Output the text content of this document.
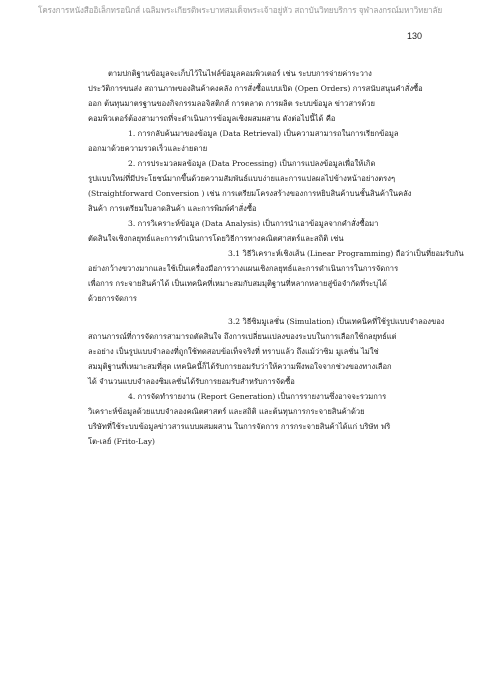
โครงการหนังสืออิเล็กทรอนิกส์ เฉลิมพระเกียรติพระบาทสมเด็จพระเจ้าอยู่หัว สถาบันวิทยบริการ จุฬาลงกรณ์มหาวิทยาลัย
130
ตามปกติฐานข้อมูลจะเก็บไว้ในไฟล์ข้อมูลคอมพิวเตอร์ เช่น ระบบการจ่ายค่าระวาง
ประวัติการขนส่ง สถานภาพของสินค้าคงคลัง การสั่งซื้อแบบเปิด (Open Orders) การสนับสนุนคำสั่งซื้อ
ออก ต้นทุนมาตรฐานของกิจกรรมลอจิสติกส์ การตลาด การผลิต ระบบข้อมูล ข่าวสารด้วย
คอมพิวเตอร์ต้องสามารถที่จะดำเนินการข้อมูลเชิงผสมผสาน ดังต่อไปนี้ได้ คือ
1. การกลับค้นมาของข้อมูล (Data Retrieval) เป็นความสามารถในการเรียกข้อมูล
ออกมาด้วยความรวดเร็วและง่ายดาย
2. การประมวลผลข้อมูล (Data Processing) เป็นการแปลงข้อมูลเพื่อให้เกิด
รูปแบบใหม่ที่มีประโยชน์มากขึ้นด้วยความสัมพันธ์แบบง่ายและการแปลผลไปข้างหน้าอย่างตรงๆ
(Straightforward Conversion ) เช่น การเตรียมโครงสร้างของการหยิบสินค้าบนชั้นสินค้าในคลัง
สินค้า การเตรียมใบลาดสินค้า และการพิมพ์คำสั่งซื้อ
3. การวิเคราะห์ข้อมูล (Data Analysis) เป็นการนำเอาข้อมูลจากคำสั่งซื้อมา
ตัดสินใจเชิงกลยุทธ์และการดำเนินการโดยวิธีการทางคณิตศาสตร์และสถิติ เช่น
3.1 วิธีวิเคราะห์เชิงเส้น (Linear Programming) ถือว่าเป็นที่ยอมรับกัน
อย่างกว้างขวางมากและใช้เป็นเครื่องมือการวางแผนเชิงกลยุทธ์และการดำเนินการในการจัดการ
เพื่อการ กระจายสินค้าได้ เป็นเทคนิคที่เหมาะสมกับสมมุติฐานที่หลากหลายสู่ข้อจำกัดที่ระบุได้
ด้วยการจัดการ
3.2 วิธีซิมมูเลชั่น (Simulation) เป็นเทคนิคที่ใช้รูปแบบจำลองของ
สถานการณ์ที่การจัดการสามารถตัดสินใจ ถึงการเปลี่ยนแปลงของระบบในการเลือกใช้กลยุทธ์แต่
ละอย่าง เป็นรูปแบบจำลองที่ถูกใช้ทดสอบข้อเท็จจริงที่ ทราบแล้ว ถึงแม้ว่าซิม มูเลชั่น ไม่ใช่
สมมุติฐานที่เหมาะสมที่สุด เทคนิคนี้ก็ได้รับการยอมรับว่าให้ความพึงพอใจจากช่วงของทางเลือก
ได้ จำนวนแบบจำลองซิมเลชั่นได้รับการยอมรับสำหรับการจัดซื้อ
4. การจัดทำรายงาน (Report Generation) เป็นการรายงานซึ่งอาจจะรวมการ
วิเคราะห์ข้อมูลด้วยแบบจำลองคณิตศาสตร์ และสถิติ และต้นทุนการกระจายสินค้าด้วย
บริษัทที่ใช้ระบบข้อมูลข่าวสารแบบผสมผสาน ในการจัดการ การกระจายสินค้าได้แก่ บริษัท ฟริ
โต-เลย์ (Frito-Lay)
